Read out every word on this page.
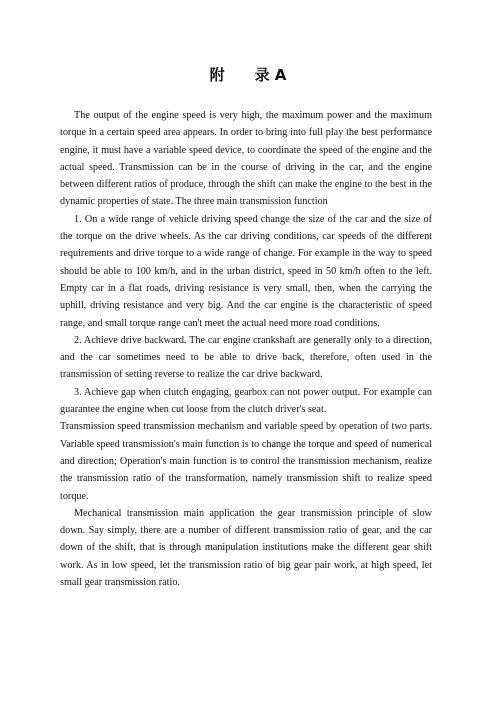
附　　录 A

The output of the engine speed is very high, the maximum power and the maximum torque in a certain speed area appears. In order to bring into full play the best performance engine, it must have a variable speed device, to coordinate the speed of the engine and the actual speed. Transmission can be in the course of driving in the car, and the engine between different ratios of produce, through the shift can make the engine to the best in the dynamic properties of state. The three main transmission function

1. On a wide range of vehicle driving speed change the size of the car and the size of the torque on the drive wheels. As the car driving conditions, car speeds of the different requirements and drive torque to a wide range of change. For example in the way to speed should be able to 100 km/h, and in the urban district, speed in 50 km/h often to the left. Empty car in a flat roads, driving resistance is very small, then, when the carrying the uphill, driving resistance and very big. And the car engine is the characteristic of speed range, and small torque range can't meet the actual need more road conditions.

2. Achieve drive backward. The car engine crankshaft are generally only to a direction, and the car sometimes need to be able to drive back, therefore, often used in the transmission of setting reverse to realize the car drive backward.

3. Achieve gap when clutch engaging, gearbox can not power output. For example can guarantee the engine when cut loose from the clutch driver's seat.

Transmission speed transmission mechanism and variable speed by operation of two parts. Variable speed transmission's main function is to change the torque and speed of numerical and direction; Operation's main function is to control the transmission mechanism, realize the transmission ratio of the transformation, namely transmission shift to realize speed torque.

Mechanical transmission main application the gear transmission principle of slow down. Say simply, there are a number of different transmission ratio of gear, and the car down of the shift, that is through manipulation institutions make the different gear shift work. As in low speed, let the transmission ratio of big gear pair work, at high speed, let small gear transmission ratio.
